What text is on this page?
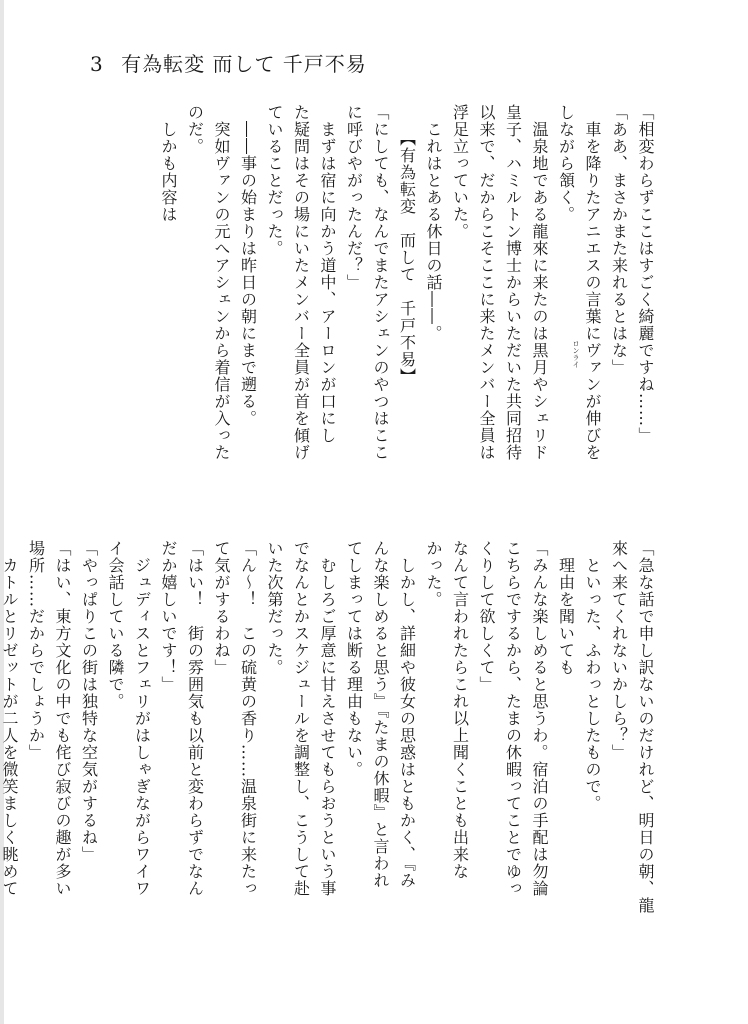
3 有為転変 而して 千戸不易

「相変わらずここはすごく綺麗ですね……」

「ああ、まさかまた来れるとはな」

　車を降りたアニエスの言葉にヴァンが伸びを

しながら頷く。

　温泉地である龍來に来たのは黒月やシェリド

皇子、ハミルトン博士からいただいた共同招待

以来で、だからこそここに来たメンバー全員は

浮足立っていた。

　これはとある休日の話――。

　　【有為転変　而して　千戸不易】

「にしても、なんでまたアシェンのやつはここ

に呼びやがったんだ？」

　まずは宿に向かう道中、アーロンが口にし

た疑問はその場にいたメンバー全員が首を傾げ

ていることだった。

　――事の始まりは昨日の朝にまで遡る。

　突如ヴァンの元へアシェンから着信が入った

のだ。

　しかも内容は

ロンライ

「急な話で申し訳ないのだけれど、明日の朝、龍

來へ来てくれないかしら？」

　といった、ふわっとしたもので。

　理由を聞いても

「みんな楽しめると思うわ。宿泊の手配は勿論

こちらでするから、たまの休暇ってことでゆっ

くりして欲しくて」

なんて言われたらこれ以上聞くことも出来な

かった。

　しかし、詳細や彼女の思惑はともかく、『み

んな楽しめると思う』『たまの休暇』と言われ

てしまっては断る理由もない。

　むしろご厚意に甘えさせてもらおうという事

でなんとかスケジュールを調整し、こうして赴

いた次第だった。

「ん～！　この硫黄の香り……温泉街に来たっ

て気がするわね」

「はい！　街の雰囲気も以前と変わらずでなん

だか嬉しいです！」

　ジュディスとフェリがはしゃぎながらワイワ

イ会話している隣で。

「やっぱりこの街は独特な空気がするね」

「はい、東方文化の中でも侘び寂びの趣が多い

場所……だからでしょうか」

　カトルとリゼットが二人を微笑ましく眺めて
